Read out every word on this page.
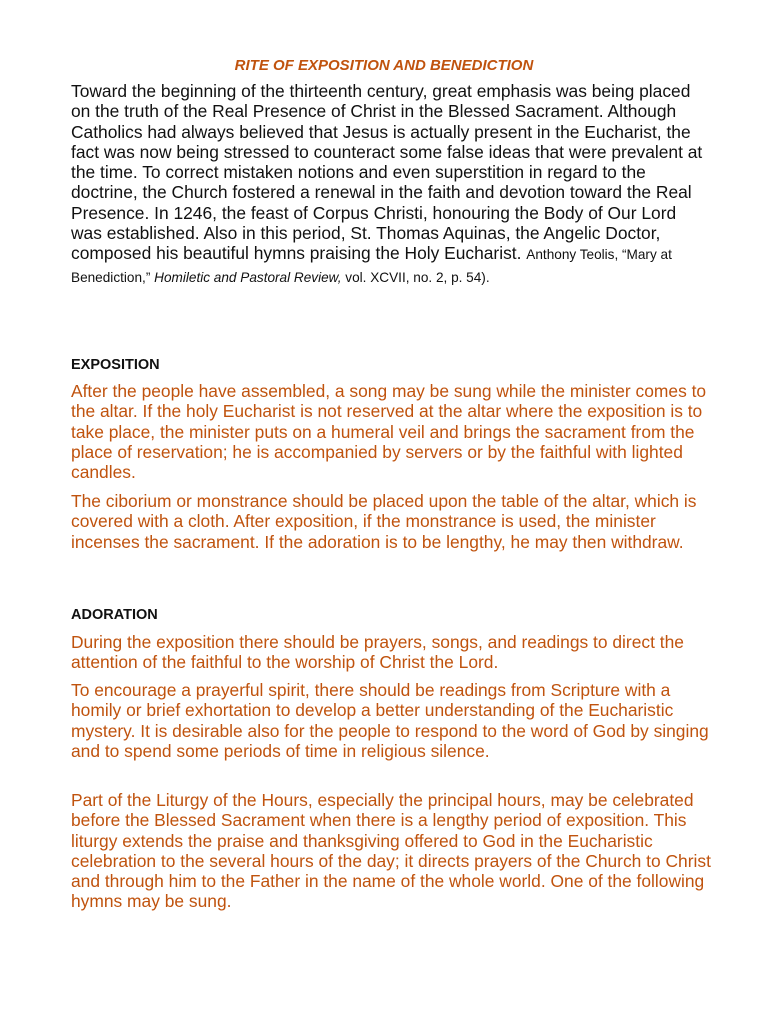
RITE OF EXPOSITION AND BENEDICTION

Toward the beginning of the thirteenth century, great emphasis was being placed on the truth of the Real Presence of Christ in the Blessed Sacrament. Although Catholics had always believed that Jesus is actually present in the Eucharist, the fact was now being stressed to counteract some false ideas that were prevalent at the time. To correct mistaken notions and even superstition in regard to the doctrine, the Church fostered a renewal in the faith and devotion toward the Real Presence. In 1246, the feast of Corpus Christi, honouring the Body of Our Lord was established. Also in this period, St. Thomas Aquinas, the Angelic Doctor, composed his beautiful hymns praising the Holy Eucharist. Anthony Teolis, “Mary at Benediction,” Homiletic and Pastoral Review, vol. XCVII, no. 2, p. 54).

EXPOSITION

After the people have assembled, a song may be sung while the minister comes to the altar. If the holy Eucharist is not reserved at the altar where the exposition is to take place, the minister puts on a humeral veil and brings the sacrament from the place of reservation; he is accompanied by servers or by the faithful with lighted candles.

The ciborium or monstrance should be placed upon the table of the altar, which is covered with a cloth. After exposition, if the monstrance is used, the minister incenses the sacrament. If the adoration is to be lengthy, he may then withdraw.

ADORATION

During the exposition there should be prayers, songs, and readings to direct the attention of the faithful to the worship of Christ the Lord.

To encourage a prayerful spirit, there should be readings from Scripture with a homily or brief exhortation to develop a better understanding of the Eucharistic mystery. It is desirable also for the people to respond to the word of God by singing and to spend some periods of time in religious silence.

Part of the Liturgy of the Hours, especially the principal hours, may be celebrated before the Blessed Sacrament when there is a lengthy period of exposition. This liturgy extends the praise and thanksgiving offered to God in the Eucharistic celebration to the several hours of the day; it directs prayers of the Church to Christ and through him to the Father in the name of the whole world. One of the following hymns may be sung.
